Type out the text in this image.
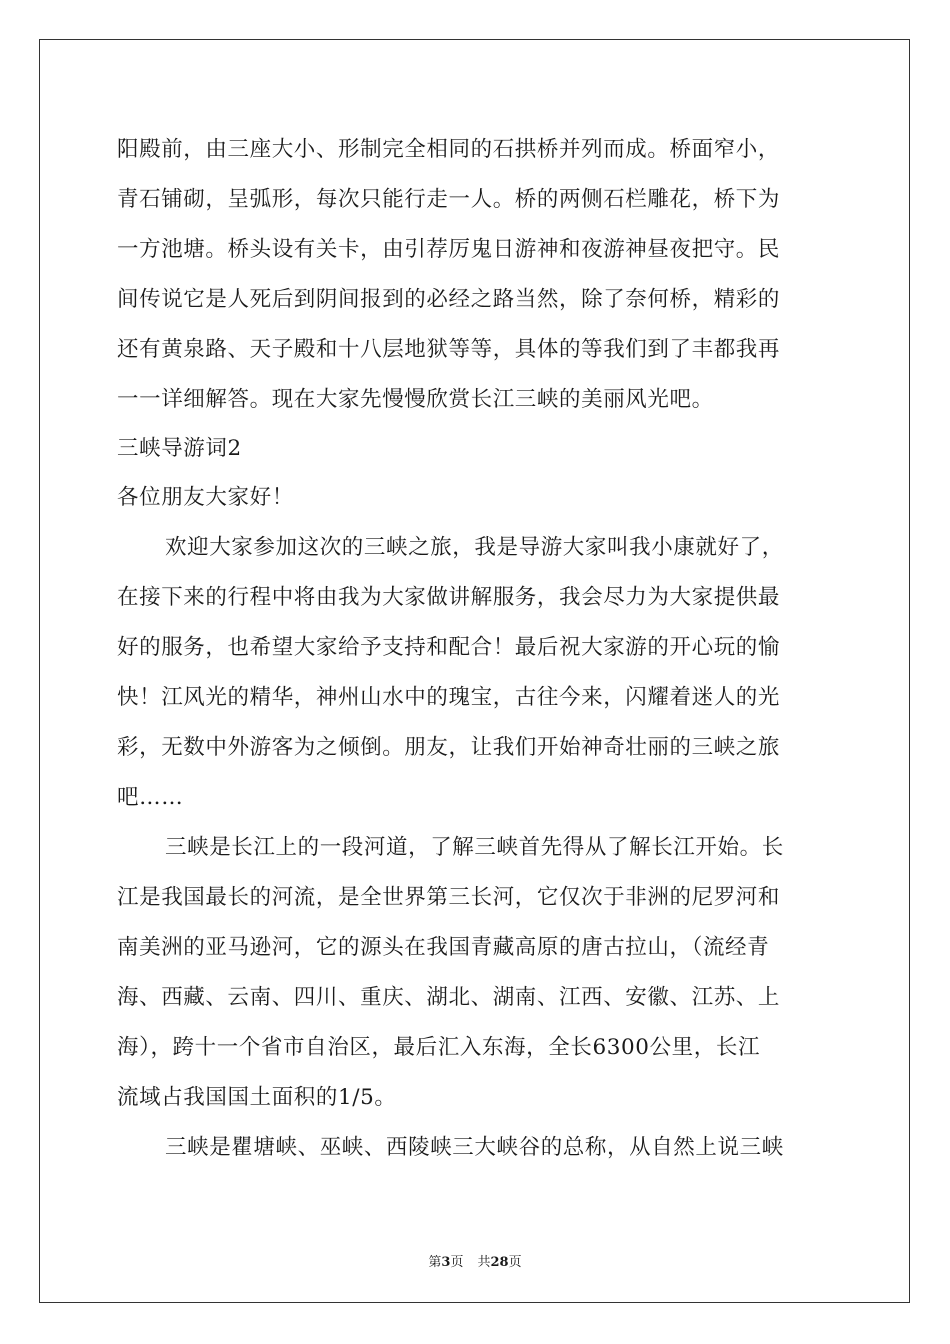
阳殿前，由三座大小、形制完全相同的石拱桥并列而成。桥面窄小，

青石铺砌，呈弧形，每次只能行走一人。桥的两侧石栏雕花，桥下为

一方池塘。桥头设有关卡，由引荐厉鬼日游神和夜游神昼夜把守。民

间传说它是人死后到阴间报到的必经之路当然，除了奈何桥，精彩的

还有黄泉路、天子殿和十八层地狱等等，具体的等我们到了丰都我再

一一详细解答。现在大家先慢慢欣赏长江三峡的美丽风光吧。

三峡导游词2

各位朋友大家好！

欢迎大家参加这次的三峡之旅，我是导游大家叫我小康就好了，

在接下来的行程中将由我为大家做讲解服务，我会尽力为大家提供最

好的服务，也希望大家给予支持和配合！最后祝大家游的开心玩的愉

快！江风光的精华，神州山水中的瑰宝，古往今来，闪耀着迷人的光

彩，无数中外游客为之倾倒。朋友，让我们开始神奇壮丽的三峡之旅

吧……

三峡是长江上的一段河道，了解三峡首先得从了解长江开始。长

江是我国最长的河流，是全世界第三长河，它仅次于非洲的尼罗河和

南美洲的亚马逊河，它的源头在我国青藏高原的唐古拉山，（流经青

海、西藏、云南、四川、重庆、湖北、湖南、江西、安徽、江苏、上

海），跨十一个省市自治区，最后汇入东海，全长6300公里，长江

流域占我国国土面积的1/5。

三峡是瞿塘峡、巫峡、西陵峡三大峡谷的总称，从自然上说三峡

第3页 共28页
